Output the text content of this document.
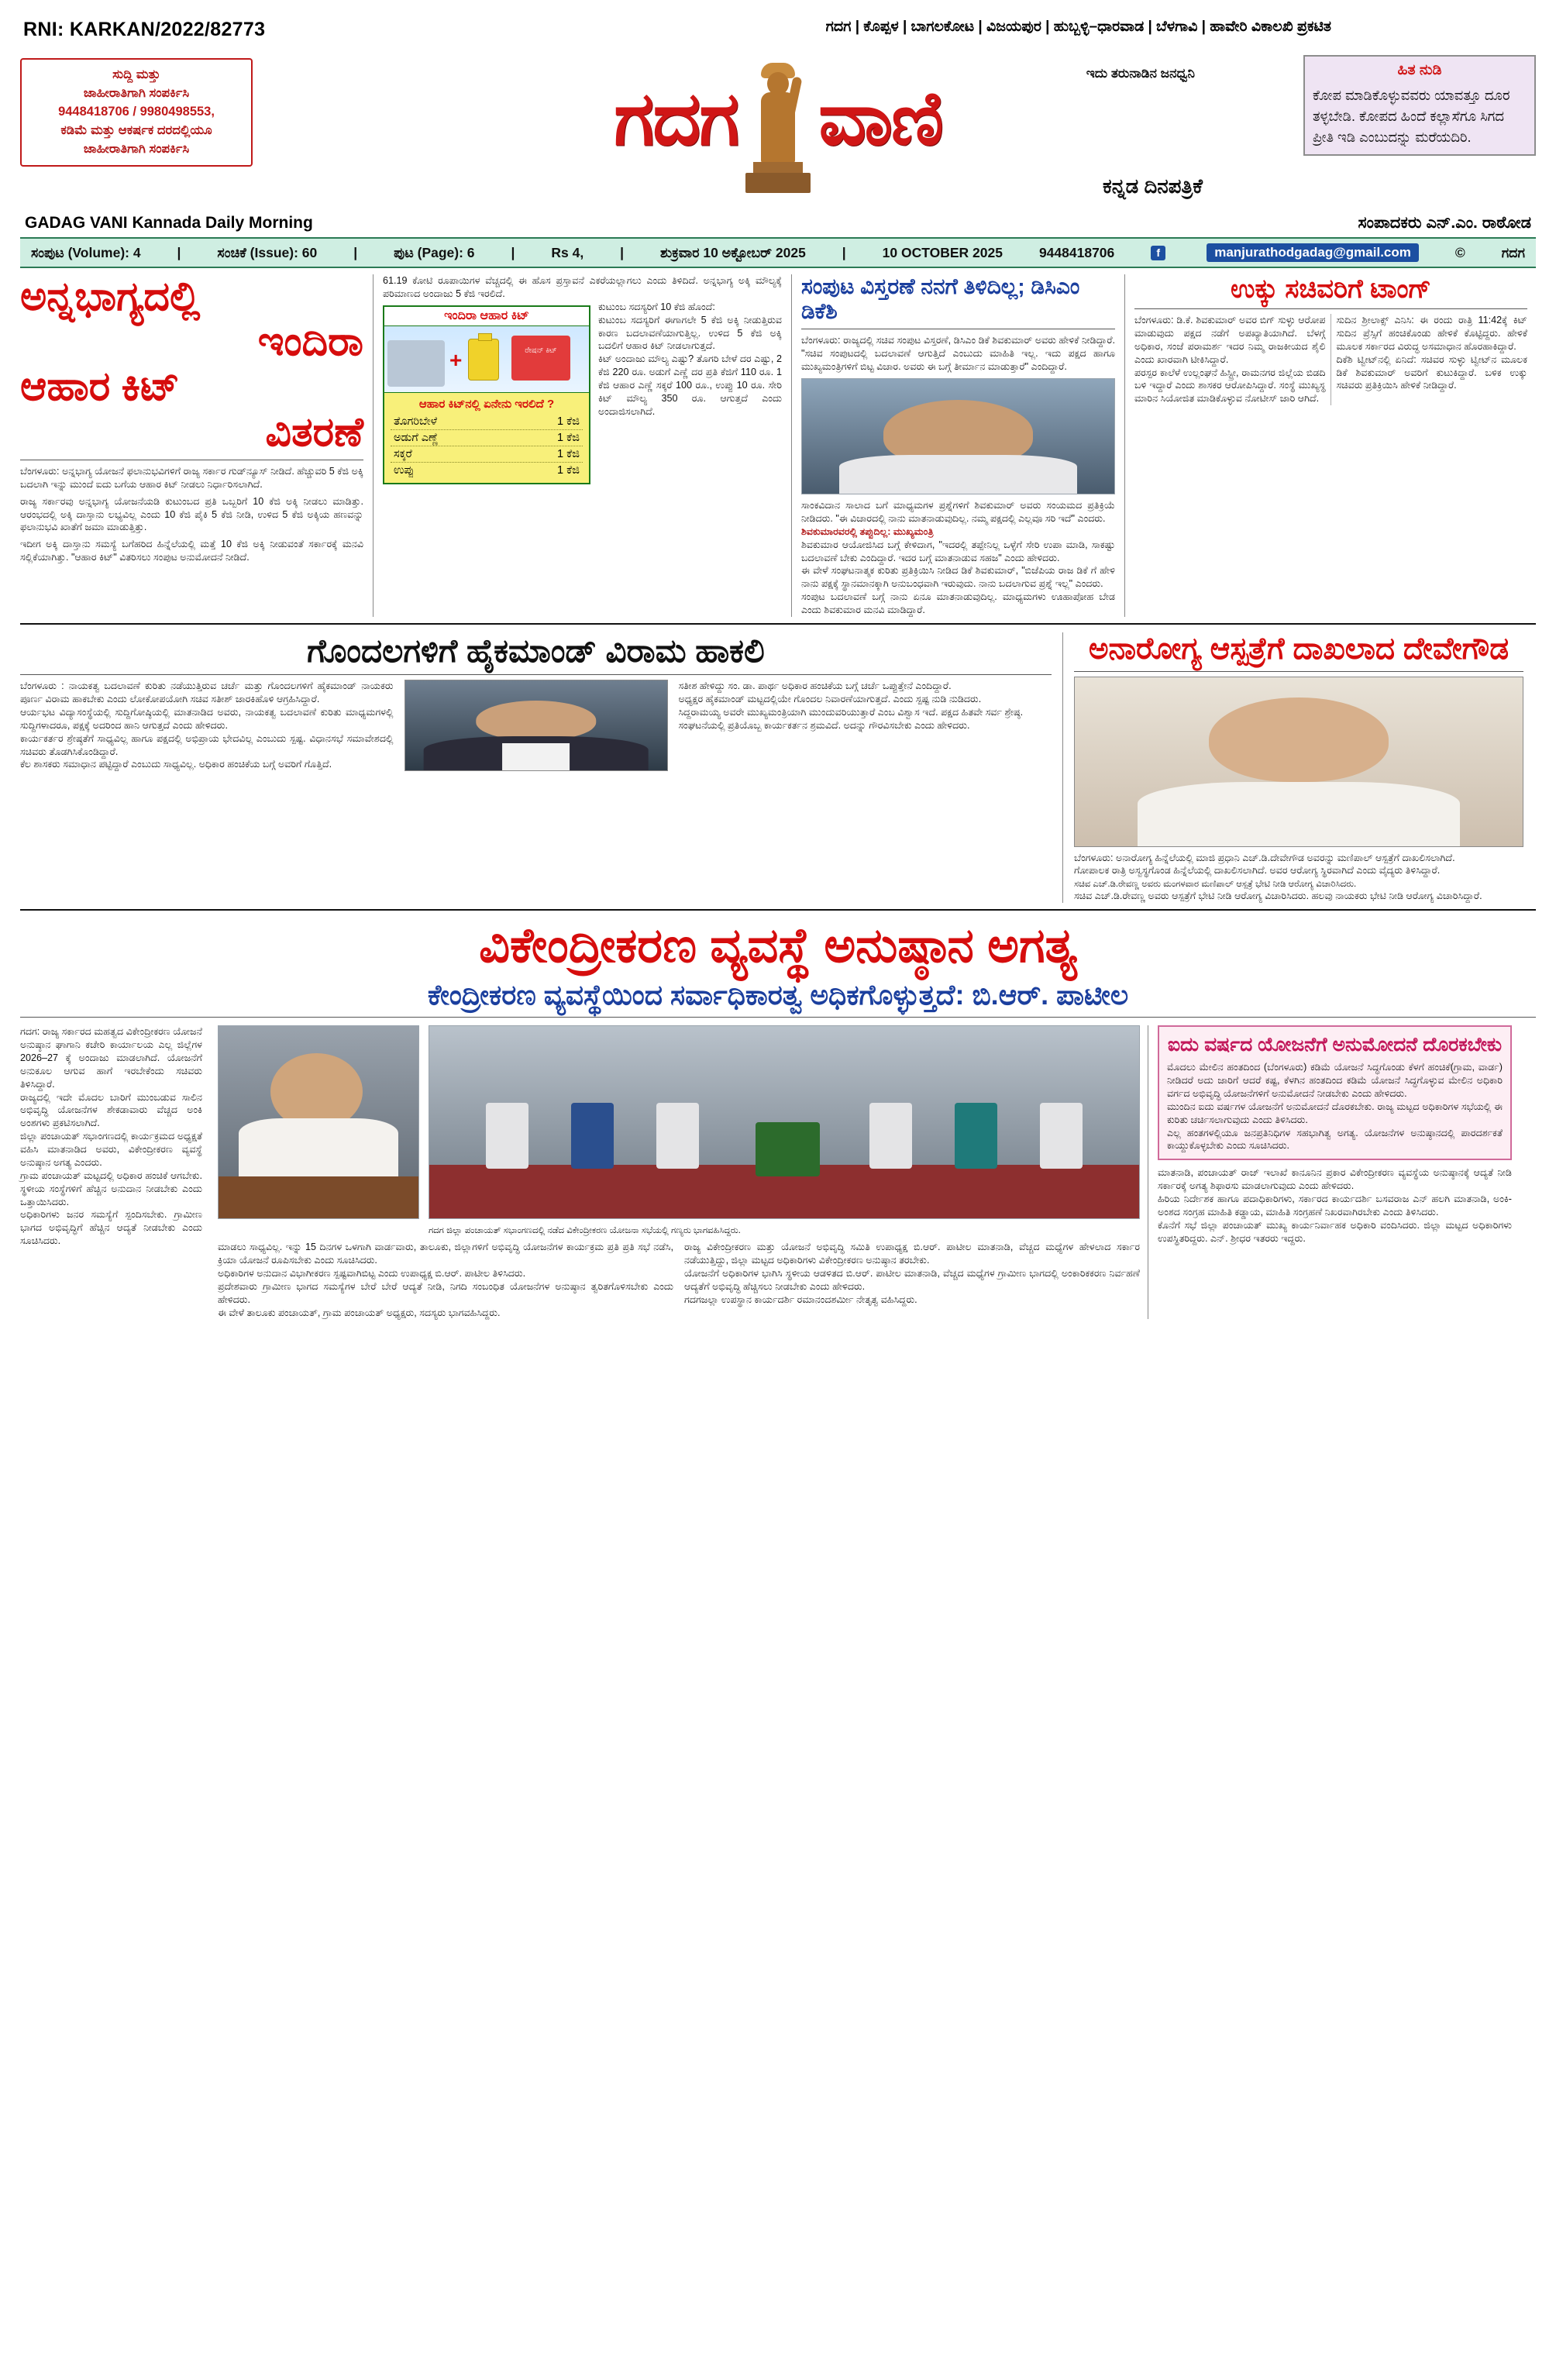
RNI: KARKAN/2022/82773	ಗದಗ | ಕೊಪ್ಪಳ | ಬಾಗಲಕೋಟ | ವಿಜಯಪುರ | ಹುಬ್ಬಳ್ಳಿ–ಧಾರವಾಡ | ಬೆಳಗಾವಿ | ಹಾವೇರಿ ವಿಕಾಲಖಿ ಪ್ರಕಟಿತ
ಸುದ್ದಿ ಮತ್ತು
ಜಾಹೀರಾತಿಗಾಗಿ ಸಂಪರ್ಕಿಸಿ
9448418706 / 9980498553,
ಕಡಿಮೆ ಮತ್ತು ಆಕರ್ಷಕ ದರದಲ್ಲಿಯೂ ಜಾಹೀರಾತಿಗಾಗಿ ಸಂಪರ್ಕಿಸಿ	ಗದಗ ವಾಣಿ
ಇದು ತರುನಾಡಿನ ಜನಧ್ವನಿ
ಕನ್ನಡ ದಿನಪತ್ರಿಕೆ
ಹಿತ ನುಡಿ
ಕೋಪ ಮಾಡಿಕೊಳ್ಳುವವರು ಯಾವತ್ತೂ ದೂರ ತಳ್ಳಬೇಡಿ. ಕೋಪದ ಹಿಂದೆ ಕಲ್ಲಾಸೆಗೂ ಸಿಗದ ಪ್ರೀತಿ ಇಡಿ ಎಂಬುದನ್ನು ಮರೆಯದಿರಿ.
GADAG VANI Kannada Daily Morning	ಸಂಪಾದಕರು ಎನ್.ಎಂ. ರಾಠೋಡ
ಸಂಪುಟ (Volume): 4	|	ಸಂಚಿಕೆ (Issue): 60	|	ಪುಟ (Page): 6	|	Rs 4,	|	ಶುಕ್ರವಾರ 10 ಅಕ್ಟೋಬರ್ 2025	|	10 OCTOBER 2025	9448418706	f	manjurathodgadag@gmail.com	©	ಗದಗ
ಅನ್ನಭಾಗ್ಯದಲ್ಲಿ
ಇಂದಿರಾ
ಆಹಾರ ಕಿಟ್
ವಿತರಣೆ
ಬೆಂಗಳೂರು: ಅನ್ನಭಾಗ್ಯ ಯೋಜನೆ ಫಲಾನುಭವಿಗಳಿಗೆ ರಾಜ್ಯ ಸರ್ಕಾರ ಗುಡ್‌ನ್ಯೂಸ್ ನೀಡಿದೆ. ಹೆಚ್ಚುವರಿ 5 ಕೆಜಿ ಅಕ್ಕಿ ಬದಲಾಗಿ ಇನ್ನು ಮುಂದೆ ಐದು ಬಗೆಯ ಆಹಾರ ಕಿಟ್ ನೀಡಲು ನಿರ್ಧಾರಿಸಲಾಗಿದೆ.
ರಾಜ್ಯ ಸರ್ಕಾರವು ಅನ್ನಭಾಗ್ಯ ಯೋಜನೆಯಡಿ ಕುಟುಂಬದ ಪ್ರತಿ ಒಬ್ಬರಿಗೆ 10 ಕೆಜಿ ಅಕ್ಕಿ ನೀಡಲು ಮಾಡಿತ್ತು. ಆರಂಭದಲ್ಲಿ ಅಕ್ಕಿ ದಾಸ್ತಾನು ಲಭ್ಯವಿಲ್ಲ ಎಂದು 10 ಕೆಜಿ ಪೈಕಿ 5 ಕೆಜಿ ನೀಡಿ, ಉಳಿದ 5 ಕೆಜಿ ಅಕ್ಕಿಯ ಹಣವನ್ನು ಫಲಾನುಭವಿ ಖಾತೆಗೆ ಜಮಾ ಮಾಡುತ್ತಿತ್ತು.
ಇದೀಗ ಅಕ್ಕಿ ದಾಸ್ತಾನು ಸಮಸ್ಯೆ ಬಗೆಹರಿದ ಹಿನ್ನೆಲೆಯಲ್ಲಿ ಮತ್ತೆ 10 ಕೆಜಿ ಅಕ್ಕಿ ನೀಡುವಂತೆ ಸರ್ಕಾರಕ್ಕೆ ಮನವಿ ಸಲ್ಲಿಕೆಯಾಗಿತ್ತು. "ಆಹಾರ ಕಿಟ್" ವಿತರಿಸಲು ಸಂಪುಟ ಅನುಮೋದನೆ ನೀಡಿದೆ.
61.19 ಕೋಟಿ ರೂಪಾಯಿಗಳ ವೆಚ್ಚದಲ್ಲಿ ಈ ಹೊಸ ಪ್ರಸ್ತಾವನೆ ಎಕರೆಯಲ್ಲಾಗಲು ಎಂದು ತಿಳಿದಿದೆ. ಅನ್ನಭಾಗ್ಯ ಅಕ್ಕಿ ಮೌಲ್ಯಕ್ಕೆ ಪರಿಮಾಣದ ಅಂದಾಜು 5 ಕೆಜಿ ಇರಲಿದೆ.
ಇಂದಿರಾ ಆಹಾರ ಕಿಟ್
+	ರೇಷನ್ ಕಿಟ್
ಆಹಾರ ಕಿಟ್‌ನಲ್ಲಿ ಏನೇನು ಇರಲಿದೆ ?
ತೊಗರಿಬೇಳೆ	1 ಕೆಜಿ
ಅಡುಗೆ ಎಣ್ಣೆ	1 ಕೆಜಿ
ಸಕ್ಕರೆ	1 ಕೆಜಿ
ಉಪ್ಪು	1 ಕೆಜಿ
ಕುಟುಂಬ ಸದಸ್ಯರಿಗೆ 10 ಕೆಜಿ ಹೊಂದೆ:
ಕುಟುಂಬ ಸದಸ್ಯರಿಗೆ ಈಗಾಗಲೇ 5 ಕೆಜಿ ಅಕ್ಕಿ ನೀಡುತ್ತಿರುವ ಕಾರಣ ಬದಲಾವಣೆಯಾಗುತ್ತಿಲ್ಲ. ಉಳಿದ 5 ಕೆಜಿ ಅಕ್ಕಿ ಬದಲಿಗೆ ಆಹಾರ ಕಿಟ್ ನೀಡಲಾಗುತ್ತದೆ.
ಕಿಟ್ ಅಂದಾಜು ಮೌಲ್ಯ ಎಷ್ಟು? ತೊಗರಿ ಬೇಳೆ ದರ ಎಷ್ಟು, 2 ಕೆಜಿ 220 ರೂ. ಅಡುಗೆ ಎಣ್ಣೆ ದರ ಪ್ರತಿ ಕೆಜಿಗೆ 110 ರೂ. 1 ಕೆಜಿ ಆಹಾರ ಎಣ್ಣೆ ಸಕ್ಕರೆ 100 ರೂ., ಉಪ್ಪು 10 ರೂ. ಸೇರಿ ಕಿಟ್ ಮೌಲ್ಯ 350 ರೂ. ಆಗುತ್ತದೆ ಎಂದು ಅಂದಾಜಿಸಲಾಗಿದೆ.
ಸಂಪುಟ ವಿಸ್ತರಣೆ ನನಗೆ ತಿಳಿದಿಲ್ಲ; ಡಿಸಿಎಂ ಡಿಕೆಶಿ
ಬೆಂಗಳೂರು: ರಾಜ್ಯದಲ್ಲಿ ಸಚಿವ ಸಂಪುಟ ವಿಸ್ತರಣೆ, ಡಿಸಿಎಂ ಡಿಕೆ ಶಿವಕುಮಾರ್ ಅವರು ಹೇಳಿಕೆ ನೀಡಿದ್ದಾರೆ. "ಸಚಿವ ಸಂಪುಟದಲ್ಲಿ ಬದಲಾವಣೆ ಆಗುತ್ತಿದೆ ಎಂಬುದು ಮಾಹಿತಿ ಇಲ್ಲ. ಇದು ಪಕ್ಷದ ಹಾಗೂ ಮುಖ್ಯಮಂತ್ರಿಗಳಿಗೆ ಬಿಟ್ಟ ವಿಚಾರ. ಅವರು ಈ ಬಗ್ಗೆ ತೀರ್ಮಾನ ಮಾಡುತ್ತಾರೆ" ಎಂದಿದ್ದಾರೆ.
ಸಾಂಕವಿದಾನ ಸಾಲಾದ ಬಗೆ ಮಾಧ್ಯಮಗಳ ಪ್ರಶ್ನೆಗಳಿಗೆ ಶಿವಕುಮಾರ್ ಅವರು ಸಂಯಮದ ಪ್ರತಿಕ್ರಿಯೆ ನೀಡಿದರು. "ಈ ವಿಚಾರದಲ್ಲಿ ನಾನು ಮಾತನಾಡುವುದಿಲ್ಲ. ನಮ್ಮ ಪಕ್ಷದಲ್ಲಿ ಎಲ್ಲವೂ ಸರಿ ಇದೆ" ಎಂದರು.
ಶಿವಕುಮಾರವರಲ್ಲಿ ತಪ್ಪುದಿಲ್ಲ: ಮುಖ್ಯಮಂತ್ರಿ
ಶಿವಕುಮಾರ ಆಯೋಜಿಸಿದ ಬಗ್ಗೆ ಕೇಳಿದಾಗ, "ಇದರಲ್ಲಿ ತಪ್ಪೇನಿಲ್ಲ ಒಳ್ಳೆಗೆ ಸೇರಿ ಉಪಾ ಮಾಡಿ, ಸಾಕಷ್ಟು ಬದಲಾವಣೆ ಬೇಕು ಎಂದಿದ್ದಾರೆ. ಇದರ ಬಗ್ಗೆ ಮಾತನಾಡುವ ಸಹಜ" ಎಂದು ಹೇಳಿದರು.
ಈ ವೇಳೆ ಸಂಘಟನಾತ್ಮಕ ಕುರಿತು ಪ್ರತಿಕ್ರಿಯಿಸಿ ನೀಡಿದ ಡಿಕೆ ಶಿವಕುಮಾರ್, "ಬಿಜೆಪಿಯ ರಾಜ ಡಿಕೆ ಗೆ ಹೇಳಿ ನಾನು ಪಕ್ಷಕ್ಕೆ ಸ್ಥಾನಮಾನಕ್ಕಾಗಿ ಅನುಬಂಧವಾಗಿ ಇರುವುದು. ನಾನು ಬದಲಾಗುವ ಪ್ರಶ್ನೆ ಇಲ್ಲ" ಎಂದರು.
ಸಂಪುಟ ಬದಲಾವಣೆ ಬಗ್ಗೆ ನಾನು ಏನೂ ಮಾತನಾಡುವುದಿಲ್ಲ. ಮಾಧ್ಯಮಗಳು ಊಹಾಪೋಹ ಬೇಡ ಎಂದು ಶಿವಕುಮಾರ ಮನವಿ ಮಾಡಿದ್ದಾರೆ.
ಉಕ್ಕು ಸಚಿವರಿಗೆ ಟಾಂಗ್
ಬೆಂಗಳೂರು: ಡಿ.ಕೆ. ಶಿವಕುಮಾರ್ ಅವರ ಬಿಗ್ ಸುಳ್ಳು ಆರೋಪ ಮಾಡುವುದು ಪಕ್ಷದ ನಡೆಗೆ ಅಪಖ್ಯಾತಿಯಾಗಿದೆ. ಬೆಳಗ್ಗೆ ಅಧಿಕಾರ, ಸಂಜೆ ಪರಾಮರ್ಶ ಇದರ ನಿಮ್ಮ ರಾಜಕೀಯದ ಶೈಲಿ ಎಂದು ಖಾರವಾಗಿ ಟೀಕಿಸಿದ್ದಾರೆ.
ಪರಸ್ಪರ ಕಾಲೆಳೆ ಉಲ್ಲಂಘನೆ ಹಿಸ್ಟ್ರೀ, ರಾಮನಗರ ಜಿಲ್ಲೆಯ ಬಿಡದಿ ಬಳಿ ಇದ್ದಾರೆ ಎಂದು ಶಾಸಕರ ಆರೋಪಿಸಿದ್ದಾರೆ. ಸಂಸ್ಥೆ ಮುಖ್ಯಸ್ಥ ಮಾರಿನ ಸಿಯೋಜಿತ ಮಾಡಿಕೊಳ್ಳುವ ನೋಟೀಸ್ ಜಾರಿ ಆಗಿದೆ.
ಸುದಿನ ಶ್ರೀಲಾಕ್ಸ್ ಎನಿಸಿ: ಈ ರಂದು ರಾತ್ರಿ 11:42ಕ್ಕೆ ಕಿಟ್ ಸುದಿನ ಪ್ರೆಸ್ಸಿಗೆ ಹಂಚಿಕೊಂಡು ಹೇಳಿಕೆ ಕೊಟ್ಟಿದ್ದರು. ಹೇಳಿಕೆ ಮೂಲಕ ಸರ್ಕಾರದ ವಿರುದ್ಧ ಅಸಮಾಧಾನ ಹೊರಹಾಕಿದ್ದಾರೆ.
ದಿಕೆಶಿ ಟ್ವೀಟ್‌ನಲ್ಲಿ ಏನಿದೆ: ಸಚಿವರ ಸುಳ್ಳು ಟ್ವೀಟ್‌ನ ಮೂಲಕ ಡಿಕೆ ಶಿವಕುಮಾರ್ ಅವರಿಗೆ ಕುಟುಕಿದ್ದಾರೆ. ಬಳಿಕ ಉಕ್ಕು ಸಚಿವರು ಪ್ರತಿಕ್ರಿಯಿಸಿ ಹೇಳಿಕೆ ನೀಡಿದ್ದಾರೆ.
ಗೊಂದಲಗಳಿಗೆ ಹೈಕಮಾಂಡ್ ವಿರಾಮ ಹಾಕಲಿ
ಬೆಂಗಳೂರು : ನಾಯಕತ್ವ ಬದಲಾವಣೆ ಕುರಿತು ನಡೆಯುತ್ತಿರುವ ಚರ್ಚೆ ಮತ್ತು ಗೊಂದಲಗಳಿಗೆ ಹೈಕಮಾಂಡ್ ನಾಯಕರು ಪೂರ್ಣ ವಿರಾಮ ಹಾಕಬೇಕು ಎಂದು ಲೋಕೋಪಯೋಗಿ ಸಚಿವ ಸತೀಶ್ ಜಾರಕಿಹೊಳಿ ಆಗ್ರಹಿಸಿದ್ದಾರೆ.
ಆರ್ಯಭಟ ವಿದ್ಯಾಸಂಸ್ಥೆಯಲ್ಲಿ ಸುದ್ದಿಗೋಷ್ಠಿಯಲ್ಲಿ ಮಾತನಾಡಿದ ಅವರು, ನಾಯಕತ್ವ ಬದಲಾವಣೆ ಕುರಿತು ಮಾಧ್ಯಮಗಳಲ್ಲಿ ಸುದ್ದಿಗಳಾದರೂ, ಪಕ್ಷಕ್ಕೆ ಅದರಿಂದ ಹಾನಿ ಆಗುತ್ತದೆ ಎಂದು ಹೇಳಿದರು.
ಕಾರ್ಯಕರ್ತರ ಶ್ರೇಷ್ಠತೆಗೆ ಸಾಧ್ಯವಿಲ್ಲ ಹಾಗೂ ಪಕ್ಷದಲ್ಲಿ ಅಭಿಪ್ರಾಯ ಭೇದವಿಲ್ಲ ಎಂಬುದು ಸ್ಪಷ್ಟ. ವಿಧಾನಸಭೆ ಸಮಾವೇಶದಲ್ಲಿ ಸಚಿವರು ತೊಡಗಿಸಿಕೊಂಡಿದ್ದಾರೆ.
ಕೆಲ ಶಾಸಕರು ಸಮಾಧಾನ ಪಟ್ಟಿದ್ದಾರೆ ಎಂಬುದು ಸಾಧ್ಯವಿಲ್ಲ. ಅಧಿಕಾರ ಹಂಚಿಕೆಯ ಬಗ್ಗೆ ಅವರಿಗೆ ಗೊತ್ತಿದೆ.
ಸತೀಶ ಹೇಳಿದ್ದು ಸಂ. ಡಾ. ಪಾರ್ಥ ಅಧಿಕಾರ ಹಂಚಿಕೆಯ ಬಗ್ಗೆ ಚರ್ಚೆ ಒಪ್ಪುತ್ತೇನೆ ಎಂದಿದ್ದಾರೆ.
ಅಧ್ಯಕ್ಷರ ಹೈಕಮಾಂಡ್ ಮಟ್ಟದಲ್ಲಿಯೇ ಗೊಂದಲ ನಿವಾರಣೆಯಾಗುತ್ತದೆ. ಎಂದು ಸ್ಪಷ್ಟ ನುಡಿ ನುಡಿದರು.
ಸಿದ್ದರಾಮಯ್ಯ ಅವರೇ ಮುಖ್ಯಮಂತ್ರಿಯಾಗಿ ಮುಂದುವರಿಯುತ್ತಾರೆ ಎಂಬ ವಿಶ್ವಾಸ ಇದೆ. ಪಕ್ಷದ ಹಿತವೇ ಸರ್ವ ಶ್ರೇಷ್ಠ.
ಸಂಘಟನೆಯಲ್ಲಿ ಪ್ರತಿಯೊಬ್ಬ ಕಾರ್ಯಕರ್ತನ ಶ್ರಮವಿದೆ. ಅದನ್ನು ಗೌರವಿಸಬೇಕು ಎಂದು ಹೇಳಿದರು.
ಅನಾರೋಗ್ಯ ಆಸ್ಪತ್ರೆಗೆ ದಾಖಲಾದ ದೇವೇಗೌಡ
ಬೆಂಗಳೂರು: ಅನಾರೋಗ್ಯ ಹಿನ್ನೆಲೆಯಲ್ಲಿ ಮಾಜಿ ಪ್ರಧಾನಿ ಎಚ್.ಡಿ.ದೇವೇಗೌಡ ಅವರನ್ನು ಮಣಿಪಾಲ್ ಆಸ್ಪತ್ರೆಗೆ ದಾಖಲಿಸಲಾಗಿದೆ.
ಗೋಪಾಲಕ ರಾತ್ರಿ ಅಸ್ವಸ್ಥಗೊಂಡ ಹಿನ್ನೆಲೆಯಲ್ಲಿ ದಾಖಲಿಸಲಾಗಿದೆ. ಅವರ ಆರೋಗ್ಯ ಸ್ಥಿರವಾಗಿದೆ ಎಂದು ವೈದ್ಯರು ತಿಳಿಸಿದ್ದಾರೆ.
ಸಚಿವ ಎಚ್.ಡಿ.ರೇವಣ್ಣ ಅವರು ಮಂಗಳವಾರ ಮಣಿಪಾಲ್ ಆಸ್ಪತ್ರೆ ಭೇಟಿ ನೀಡಿ ಆರೋಗ್ಯ ವಿಚಾರಿಸಿದರು.
ಸಚಿವ ಎಚ್.ಡಿ.ರೇವಣ್ಣ ಅವರು ಆಸ್ಪತ್ರೆಗೆ ಭೇಟಿ ನೀಡಿ ಆರೋಗ್ಯ ವಿಚಾರಿಸಿದರು. ಹಲವು ನಾಯಕರು ಭೇಟಿ ನೀಡಿ ಆರೋಗ್ಯ ವಿಚಾರಿಸಿದ್ದಾರೆ.
ವಿಕೇಂದ್ರೀಕರಣ ವ್ಯವಸ್ಥೆ ಅನುಷ್ಠಾನ ಅಗತ್ಯ
ಕೇಂದ್ರೀಕರಣ ವ್ಯವಸ್ಥೆಯಿಂದ ಸರ್ವಾಧಿಕಾರತ್ವ ಅಧಿಕಗೊಳ್ಳುತ್ತದೆ: ಬಿ.ಆರ್. ಪಾಟೀಲ
ಗದಗ: ರಾಜ್ಯ ಸರ್ಕಾರದ ಮಹತ್ವದ ವಿಕೇಂದ್ರೀಕರಣ ಯೋಜನೆ ಅನುಷ್ಠಾನ ಘಾಗಾನಿ ಕಚೇರಿ ಕಾರ್ಯಾಲಯ ಎಲ್ಲ ಜಿಲ್ಲೆಗಳ 2026–27 ಕ್ಕೆ ಅಂದಾಜು ಮಾಡಲಾಗಿದೆ. ಯೋಜನೆಗೆ ಅನುಕೂಲ ಆಗುವ ಹಾಗೆ ಇರಬೇಕೆಂದು ಸಚಿವರು ತಿಳಿಸಿದ್ದಾರೆ.
ರಾಜ್ಯದಲ್ಲಿ ಇದೇ ಮೊದಲ ಬಾರಿಗೆ ಮುಂಬಡುವ ಸಾಲಿನ ಅಭಿವೃದ್ಧಿ ಯೋಜನೆಗಳ ಶೇಕಡಾವಾರು ವೆಚ್ಚದ ಅಂಕಿ ಅಂಶಗಳು ಪ್ರಕಟಿಸಲಾಗಿದೆ.
ಜಿಲ್ಲಾ ಪಂಚಾಯತ್ ಸಭಾಂಗಣದಲ್ಲಿ ಕಾರ್ಯಕ್ರಮದ ಅಧ್ಯಕ್ಷತೆ ವಹಿಸಿ ಮಾತನಾಡಿದ ಅವರು, ವಿಕೇಂದ್ರೀಕರಣ ವ್ಯವಸ್ಥೆ ಅನುಷ್ಠಾನ ಅಗತ್ಯ ಎಂದರು.
ಗ್ರಾಮ ಪಂಚಾಯತ್ ಮಟ್ಟದಲ್ಲಿ ಅಧಿಕಾರ ಹಂಚಿಕೆ ಆಗಬೇಕು. ಸ್ಥಳೀಯ ಸಂಸ್ಥೆಗಳಿಗೆ ಹೆಚ್ಚಿನ ಅನುದಾನ ನೀಡಬೇಕು ಎಂದು ಒತ್ತಾಯಿಸಿದರು.
ಅಧಿಕಾರಿಗಳು ಜನರ ಸಮಸ್ಯೆಗೆ ಸ್ಪಂದಿಸಬೇಕು. ಗ್ರಾಮೀಣ ಭಾಗದ ಅಭಿವೃದ್ಧಿಗೆ ಹೆಚ್ಚಿನ ಆದ್ಯತೆ ನೀಡಬೇಕು ಎಂದು ಸೂಚಿಸಿದರು.
ಗದಗ ಜಿಲ್ಲಾ ಪಂಚಾಯತ್ ಸಭಾಂಗಣದಲ್ಲಿ ನಡೆದ ವಿಕೇಂದ್ರೀಕರಣ ಯೋಜನಾ ಸಭೆಯಲ್ಲಿ ಗಣ್ಯರು ಭಾಗವಹಿಸಿದ್ದರು.
ಮಾಡಲು ಸಾಧ್ಯವಿಲ್ಲ. ಇನ್ನು 15 ದಿನಗಳ ಒಳಗಾಗಿ ವಾರ್ಡವಾರು, ತಾಲೂಕು, ಜಿಲ್ಲಾಗಳಿಗೆ ಅಭಿವೃದ್ಧಿ ಯೋಜನೆಗಳ ಕಾರ್ಯಕ್ರಮ ಪ್ರತಿ ಪ್ರತಿ ಸಭೆ ನಡೆಸಿ, ಕ್ರಿಯಾ ಯೋಜನೆ ರೂಪಿಸಬೇಕು ಎಂದು ಸೂಚಿಸಿದರು.
ಅಧಿಕಾರಿಗಳ ಅನುದಾನ ವಿಭಾಗೀಕರಣ ಸ್ಪಷ್ಟವಾಗಿಬಿಟ್ಟ ಎಂದು ಉಪಾಧ್ಯಕ್ಷ ಬಿ.ಆರ್. ಪಾಟೀಲ ತಿಳಿಸಿದರು.
ಪ್ರದೇಶವಾರು ಗ್ರಾಮೀಣ ಭಾಗದ ಸಮಸ್ಯೆಗಳ ಬೇರೆ ಬೇರೆ ಆದ್ಯತೆ ನೀಡಿ, ನಿಗದಿ ಸಂಬಂಧಿತ ಯೋಜನೆಗಳ ಅನುಷ್ಠಾನ ತ್ವರಿತಗೊಳಿಸಬೇಕು ಎಂದು ಹೇಳಿದರು.
ಈ ವೇಳೆ ತಾಲೂಕು ಪಂಚಾಯತ್, ಗ್ರಾಮ ಪಂಚಾಯತ್ ಅಧ್ಯಕ್ಷರು, ಸದಸ್ಯರು ಭಾಗವಹಿಸಿದ್ದರು.
ರಾಜ್ಯ ವಿಕೇಂದ್ರೀಕರಣ ಮತ್ತು ಯೋಜನೆ ಅಭಿವೃದ್ಧಿ ಸಮಿತಿ ಉಪಾಧ್ಯಕ್ಷ ಬಿ.ಆರ್. ಪಾಟೀಲ ಮಾತನಾಡಿ, ವೆಚ್ಚದ ಮಧ್ಯೆಗಳ ಹೇಳಲಾದ ಸರ್ಕಾರ ನಡೆಯುತ್ತಿದ್ದು, ಜಿಲ್ಲಾ ಮಟ್ಟದ ಅಧಿಕಾರಿಗಳು ವಿಕೇಂದ್ರೀಕರಣ ಅನುಷ್ಠಾನ ತರಬೇಕು.
ಯೋಜನೆಗೆ ಅಧಿಕಾರಿಗಳ ಭಾಗಿಸಿ ಸ್ಥಳೀಯ ಆಡಳಿತದ ಬಿ.ಆರ್. ಪಾಟೀಲ ಮಾತನಾಡಿ, ವೆಚ್ಚದ ಮಧ್ಯೆಗಳ ಗ್ರಾಮೀಣ ಭಾಗದಲ್ಲಿ ಅಂಕಾರಿಕಕರಣ ನಿರ್ವಹಣೆ ಆದ್ಯತೆಗೆ ಅಭಿವೃದ್ಧಿ ಹೆಚ್ಚಿಸಲು ನೀಡಬೇಕು ಎಂದು ಹೇಳಿದರು.
ಗದಗಜಲ್ಲಾ ಉಪಸ್ಥಾನ ಕಾರ್ಯದರ್ಶಿ ರಮಾನಂದಶರ್ಮೀ ನೇತೃತ್ವ ವಹಿಸಿದ್ದರು.
ಐದು ವರ್ಷದ ಯೋಜನೆಗೆ ಅನುಮೋದನೆ ದೊರಕಬೇಕು
ಮೊದಲು ಮೇಲಿನ ಹಂತದಿಂದ (ಬೆಂಗಳೂರು) ಕಡಿಮೆ ಯೋಜನೆ ಸಿದ್ಧಗೊಂಡು ಕೆಳಗೆ ಹಂಚಿಕೆ(ಗ್ರಾಮ, ವಾರ್ಡ) ನೀಡಿದರೆ ಅದು ಜಾರಿಗೆ ಆದರೆ ಕಷ್ಟ, ಕೆಳಗಿನ ಹಂತದಿಂದ ಕಡಿಮೆ ಯೋಜನೆ ಸಿದ್ಧಗೊಳ್ಳುವ ಮೇಲಿನ ಅಧಿಕಾರಿ ವರ್ಗದ ಅಭಿವೃದ್ಧಿ ಯೋಜನೆಗಳಿಗೆ ಅನುಮೋದನೆ ನೀಡಬೇಕು ಎಂದು ಹೇಳಿದರು.
ಮುಂದಿನ ಐದು ವರ್ಷಗಳ ಯೋಜನೆಗೆ ಅನುಮೋದನೆ ದೊರಕಬೇಕು. ರಾಜ್ಯ ಮಟ್ಟದ ಅಧಿಕಾರಿಗಳ ಸಭೆಯಲ್ಲಿ ಈ ಕುರಿತು ಚರ್ಚಿಸಲಾಗುವುದು ಎಂದು ತಿಳಿಸಿದರು.
ಎಲ್ಲ ಹಂತಗಳಲ್ಲಿಯೂ ಜನಪ್ರತಿನಿಧಿಗಳ ಸಹಭಾಗಿತ್ವ ಅಗತ್ಯ. ಯೋಜನೆಗಳ ಅನುಷ್ಠಾನದಲ್ಲಿ ಪಾರದರ್ಶಕತೆ ಕಾಯ್ದುಕೊಳ್ಳಬೇಕು ಎಂದು ಸೂಚಿಸಿದರು.
ಮಾತನಾಡಿ, ಪಂಚಾಯತ್ ರಾಜ್ ಇಲಾಖೆ ಕಾನೂನಿನ ಪ್ರಕಾರ ವಿಕೇಂದ್ರೀಕರಣ ವ್ಯವಸ್ಥೆಯ ಅನುಷ್ಠಾನಕ್ಕೆ ಆದ್ಯತೆ ನೀಡಿ ಸರ್ಕಾರಕ್ಕೆ ಅಗತ್ಯ ಶಿಫಾರಸು ಮಾಡಲಾಗುವುದು ಎಂದು ಹೇಳಿದರು.
ಹಿರಿಯ ನಿರ್ದೇಶಕ ಹಾಗೂ ಪದಾಧಿಕಾರಿಗಳು, ಸರ್ಕಾರದ ಕಾರ್ಯದರ್ಶಿ ಬಸವರಾಜ ಎನ್ ಹಲಗಿ ಮಾತನಾಡಿ, ಅಂಕಿ-ಅಂಶದ ಸಂಗ್ರಹ ಮಾಹಿತಿ ಕಡ್ಡಾಯ, ಮಾಹಿತಿ ಸಂಗ್ರಹಣೆ ನಿಖರವಾಗಿರಬೇಕು ಎಂದು ತಿಳಿಸಿದರು.
ಕೊನೆಗೆ ಸಭೆ ಜಿಲ್ಲಾ ಪಂಚಾಯತ್ ಮುಖ್ಯ ಕಾರ್ಯನಿರ್ವಾಹಕ ಅಧಿಕಾರಿ ವಂದಿಸಿದರು. ಜಿಲ್ಲಾ ಮಟ್ಟದ ಅಧಿಕಾರಿಗಳು ಉಪಸ್ಥಿತರಿದ್ದರು. ಎನ್. ಶ್ರೀಧರ ಇತರರು ಇದ್ದರು.
